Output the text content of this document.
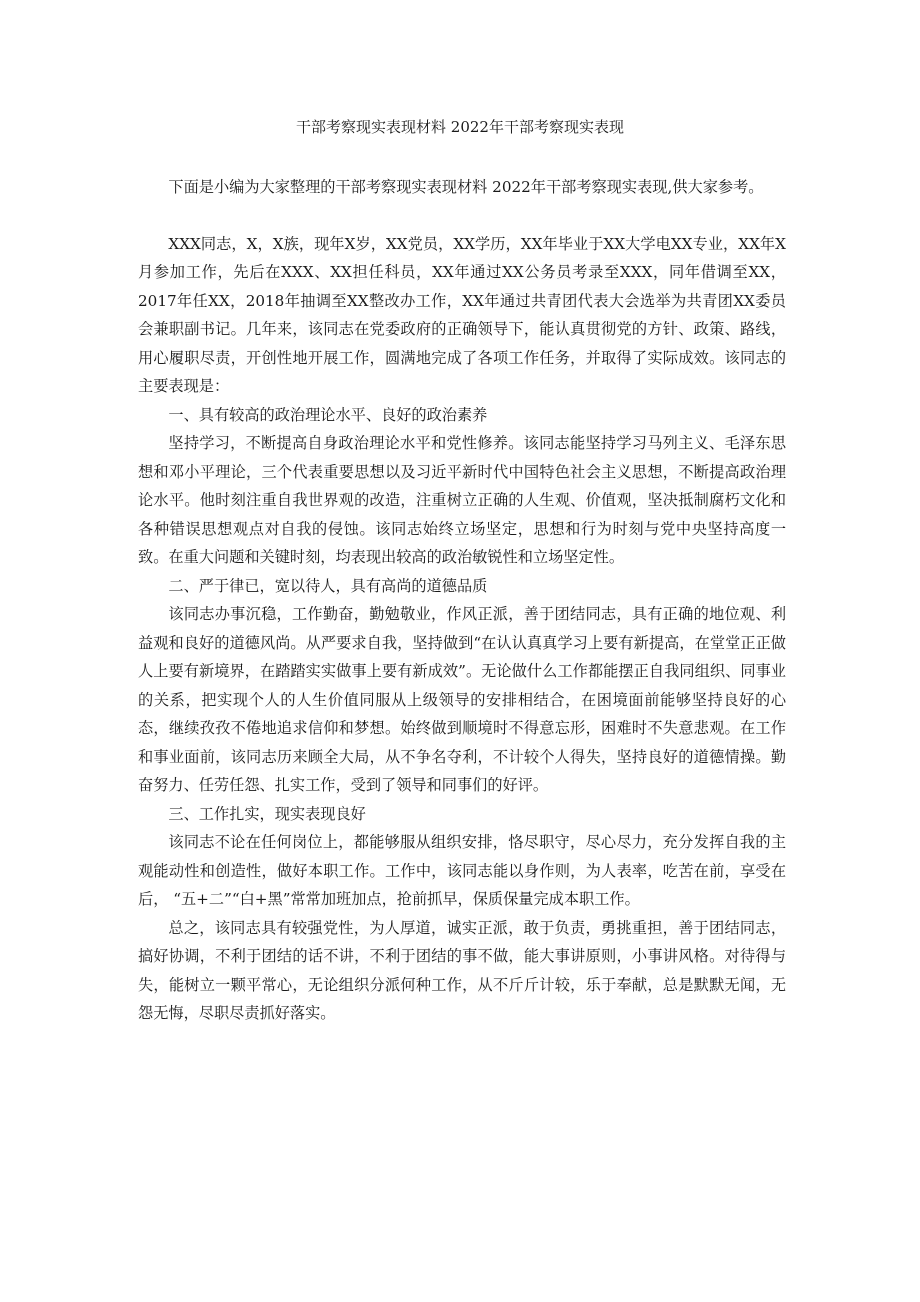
干部考察现实表现材料 2022年干部考察现实表现

下面是小编为大家整理的干部考察现实表现材料 2022年干部考察现实表现,供大家参考。

XXX同志，X，X族，现年X岁，XX党员，XX学历，XX年毕业于XX大学电XX专业，XX年X月参加工作，先后在XXX、XX担任科员，XX年通过XX公务员考录至XXX，同年借调至XX，2017年任XX，2018年抽调至XX整改办工作，XX年通过共青团代表大会选举为共青团XX委员会兼职副书记。几年来，该同志在党委政府的正确领导下，能认真贯彻党的方针、政策、路线，用心履职尽责，开创性地开展工作，圆满地完成了各项工作任务，并取得了实际成效。该同志的主要表现是：

一、具有较高的政治理论水平、良好的政治素养

坚持学习，不断提高自身政治理论水平和党性修养。该同志能坚持学习马列主义、毛泽东思想和邓小平理论，三个代表重要思想以及习近平新时代中国特色社会主义思想，不断提高政治理论水平。他时刻注重自我世界观的改造，注重树立正确的人生观、价值观，坚决抵制腐朽文化和各种错误思想观点对自我的侵蚀。该同志始终立场坚定，思想和行为时刻与党中央坚持高度一致。在重大问题和关键时刻，均表现出较高的政治敏锐性和立场坚定性。

二、严于律已，宽以待人，具有高尚的道德品质

该同志办事沉稳，工作勤奋，勤勉敬业，作风正派，善于团结同志，具有正确的地位观、利益观和良好的道德风尚。从严要求自我，坚持做到“在认认真真学习上要有新提高，在堂堂正正做人上要有新境界，在踏踏实实做事上要有新成效”。无论做什么工作都能摆正自我同组织、同事业的关系，把实现个人的人生价值同服从上级领导的安排相结合，在困境面前能够坚持良好的心态，继续孜孜不倦地追求信仰和梦想。始终做到顺境时不得意忘形，困难时不失意悲观。在工作和事业面前，该同志历来顾全大局，从不争名夺利，不计较个人得失，坚持良好的道德情操。勤奋努力、任劳任怨、扎实工作，受到了领导和同事们的好评。

三、工作扎实，现实表现良好

该同志不论在任何岗位上，都能够服从组织安排，恪尽职守，尽心尽力，充分发挥自我的主观能动性和创造性，做好本职工作。工作中，该同志能以身作则，为人表率，吃苦在前，享受在后， “五+二”“白+黑”常常加班加点，抢前抓早，保质保量完成本职工作。

总之，该同志具有较强党性，为人厚道，诚实正派，敢于负责，勇挑重担，善于团结同志，搞好协调，不利于团结的话不讲，不利于团结的事不做，能大事讲原则，小事讲风格。对待得与失，能树立一颗平常心，无论组织分派何种工作，从不斤斤计较，乐于奉献，总是默默无闻，无怨无悔，尽职尽责抓好落实。
